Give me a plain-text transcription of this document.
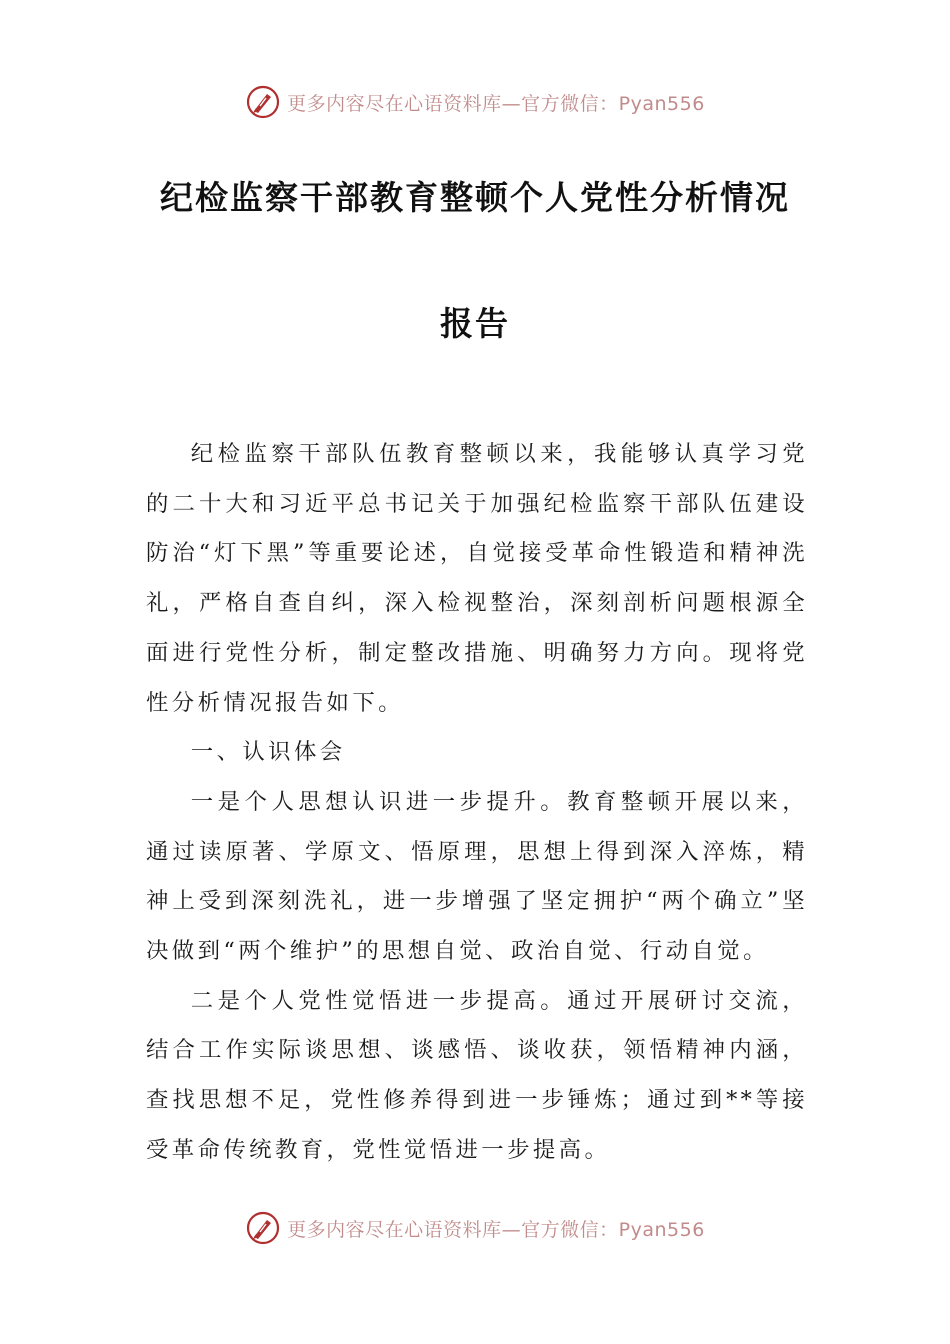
更多内容尽在心语资料库—官方微信：Pyan556
纪检监察干部教育整顿个人党性分析情况
报告

纪检监察干部队伍教育整顿以来，我能够认真学习党的二十大和习近平总书记关于加强纪检监察干部队伍建设防治“灯下黑”等重要论述，自觉接受革命性锻造和精神洗礼，严格自查自纠，深入检视整治，深刻剖析问题根源全面进行党性分析，制定整改措施、明确努力方向。现将党性分析情况报告如下。

一、认识体会

一是个人思想认识进一步提升。教育整顿开展以来，通过读原著、学原文、悟原理，思想上得到深入淬炼，精神上受到深刻洗礼，进一步增强了坚定拥护“两个确立”坚决做到“两个维护”的思想自觉、政治自觉、行动自觉。

二是个人党性觉悟进一步提高。通过开展研讨交流，结合工作实际谈思想、谈感悟、谈收获，领悟精神内涵，查找思想不足，党性修养得到进一步锤炼；通过到**等接受革命传统教育，党性觉悟进一步提高。

更多内容尽在心语资料库—官方微信：Pyan556
